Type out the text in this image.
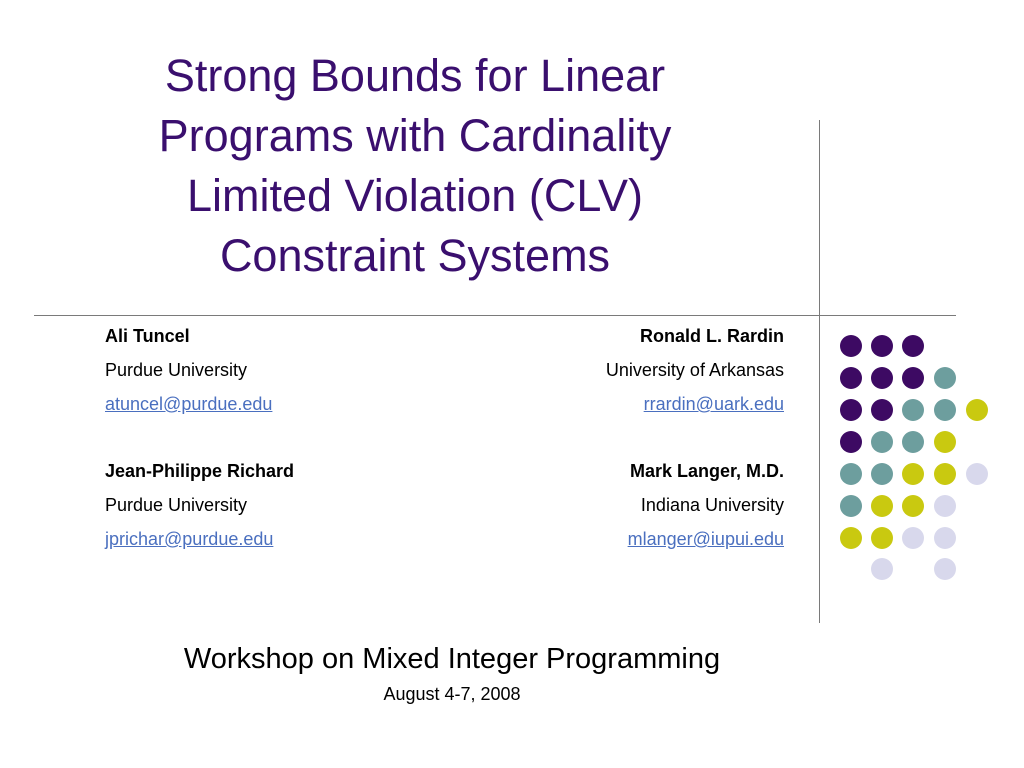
Strong Bounds for Linear
Programs with Cardinality
Limited Violation (CLV)
Constraint Systems
Ali Tuncel
Purdue University
atuncel@purdue.edu
Ronald L. Rardin
University of Arkansas
rrardin@uark.edu
Jean-Philippe Richard
Purdue University
jprichar@purdue.edu
Mark Langer, M.D.
Indiana University
mlanger@iupui.edu
Workshop on Mixed Integer Programming
August 4-7, 2008
